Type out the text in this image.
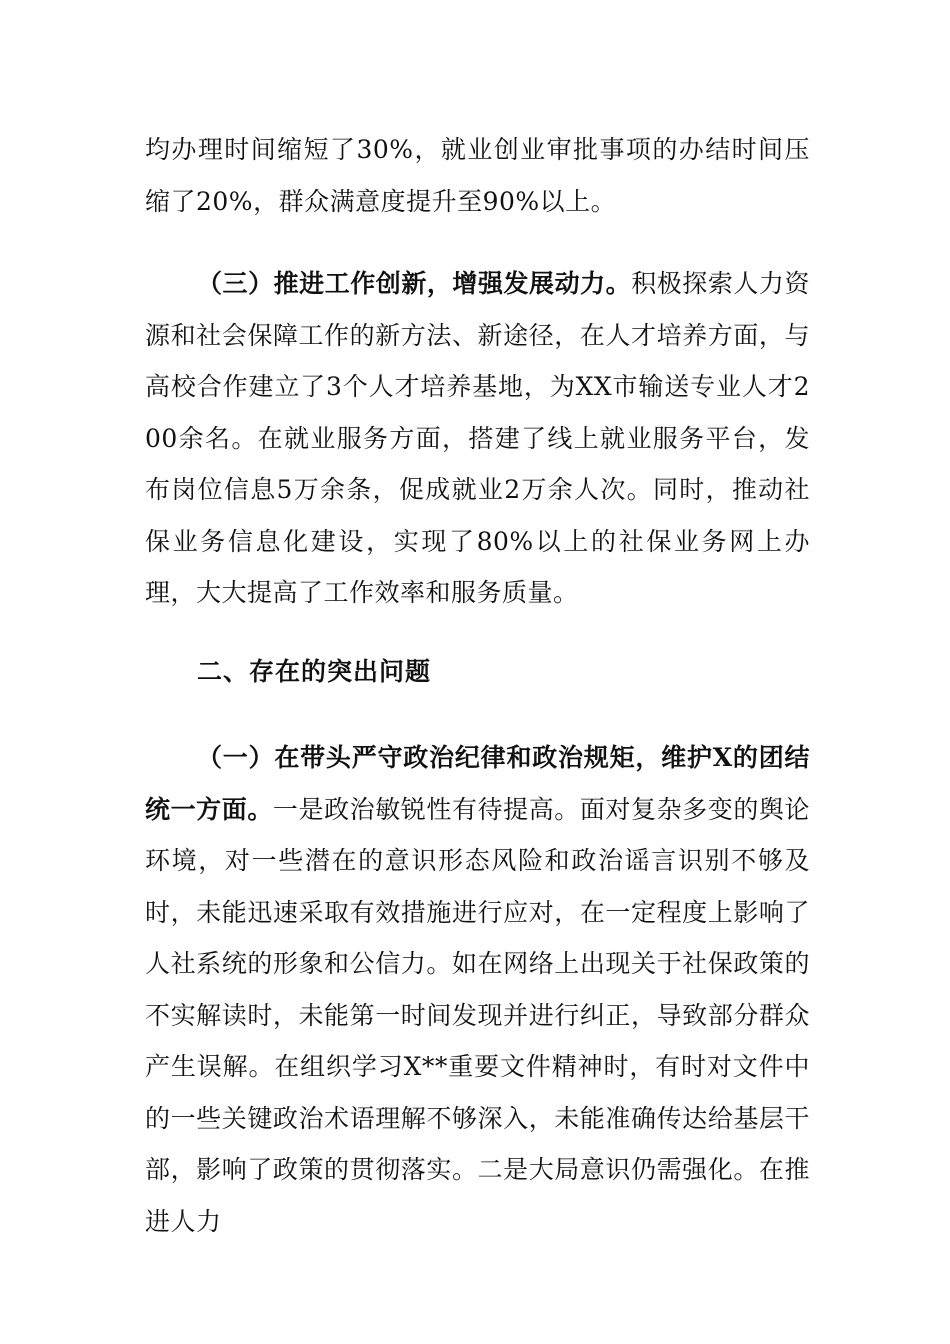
均办理时间缩短了30%，就业创业审批事项的办结时间压缩了20%，群众满意度提升至90%以上。

（三）推进工作创新，增强发展动力。积极探索人力资源和社会保障工作的新方法、新途径，在人才培养方面，与高校合作建立了3个人才培养基地，为XX市输送专业人才200余名。在就业服务方面，搭建了线上就业服务平台，发布岗位信息5万余条，促成就业2万余人次。同时，推动社保业务信息化建设，实现了80%以上的社保业务网上办理，大大提高了工作效率和服务质量。

二、存在的突出问题

（一）在带头严守政治纪律和政治规矩，维护X的团结统一方面。一是政治敏锐性有待提高。面对复杂多变的舆论环境，对一些潜在的意识形态风险和政治谣言识别不够及时，未能迅速采取有效措施进行应对，在一定程度上影响了人社系统的形象和公信力。如在网络上出现关于社保政策的不实解读时，未能第一时间发现并进行纠正，导致部分群众产生误解。在组织学习X**重要文件精神时，有时对文件中的一些关键政治术语理解不够深入，未能准确传达给基层干部，影响了政策的贯彻落实。二是大局意识仍需强化。在推进人力
